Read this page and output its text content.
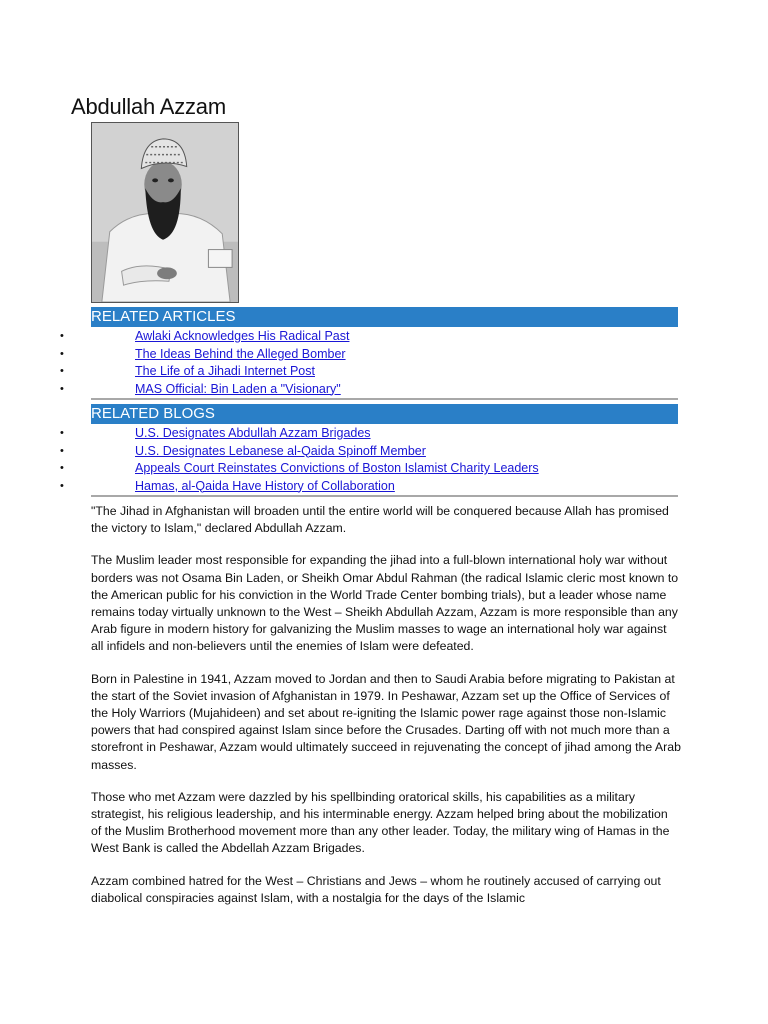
Abdullah Azzam
RELATED ARTICLES
•	Awlaki Acknowledges His Radical Past
•	The Ideas Behind the Alleged Bomber
•	The Life of a Jihadi Internet Post
•	MAS Official: Bin Laden a "Visionary"
RELATED BLOGS
•	U.S. Designates Abdullah Azzam Brigades
•	U.S. Designates Lebanese al-Qaida Spinoff Member
•	Appeals Court Reinstates Convictions of Boston Islamist Charity Leaders
•	Hamas, al-Qaida Have History of Collaboration

"The Jihad in Afghanistan will broaden until the entire world will be conquered because Allah has promised the victory to Islam," declared Abdullah Azzam.

The Muslim leader most responsible for expanding the jihad into a full-blown international holy war without borders was not Osama Bin Laden, or Sheikh Omar Abdul Rahman (the radical Islamic cleric most known to the American public for his conviction in the World Trade Center bombing trials), but a leader whose name remains today virtually unknown to the West – Sheikh Abdullah Azzam, Azzam is more responsible than any Arab figure in modern history for galvanizing the Muslim masses to wage an international holy war against all infidels and non-believers until the enemies of Islam were defeated.

Born in Palestine in 1941, Azzam moved to Jordan and then to Saudi Arabia before migrating to Pakistan at the start of the Soviet invasion of Afghanistan in 1979. In Peshawar, Azzam set up the Office of Services of the Holy Warriors (Mujahideen) and set about re-igniting the Islamic power rage against those non-Islamic powers that had conspired against Islam since before the Crusades. Darting off with not much more than a storefront in Peshawar, Azzam would ultimately succeed in rejuvenating the concept of jihad among the Arab masses.

Those who met Azzam were dazzled by his spellbinding oratorical skills, his capabilities as a military strategist, his religious leadership, and his interminable energy. Azzam helped bring about the mobilization of the Muslim Brotherhood movement more than any other leader. Today, the military wing of Hamas in the West Bank is called the Abdellah Azzam Brigades.

Azzam combined hatred for the West – Christians and Jews – whom he routinely accused of carrying out diabolical conspiracies against Islam, with a nostalgia for the days of the Islamic
